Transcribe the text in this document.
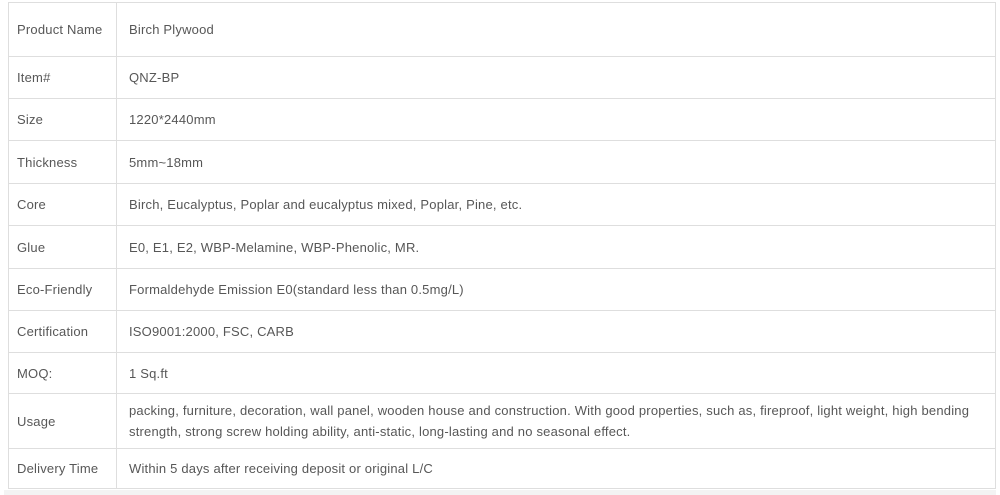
Product Name	Birch Plywood
Item#	QNZ-BP
Size	1220*2440mm
Thickness	5mm~18mm
Core	Birch, Eucalyptus, Poplar and eucalyptus mixed, Poplar, Pine, etc.
Glue	E0, E1, E2, WBP-Melamine, WBP-Phenolic, MR.
Eco-Friendly	Formaldehyde Emission E0(standard less than 0.5mg/L)
Certification	ISO9001:2000, FSC, CARB
MOQ:	1 Sq.ft
Usage	packing, furniture, decoration, wall panel, wooden house and construction. With good properties, such as, fireproof, light weight, high bending strength, strong screw holding ability, anti-static, long-lasting and no seasonal effect.
Delivery Time	Within 5 days after receiving deposit or original L/C
